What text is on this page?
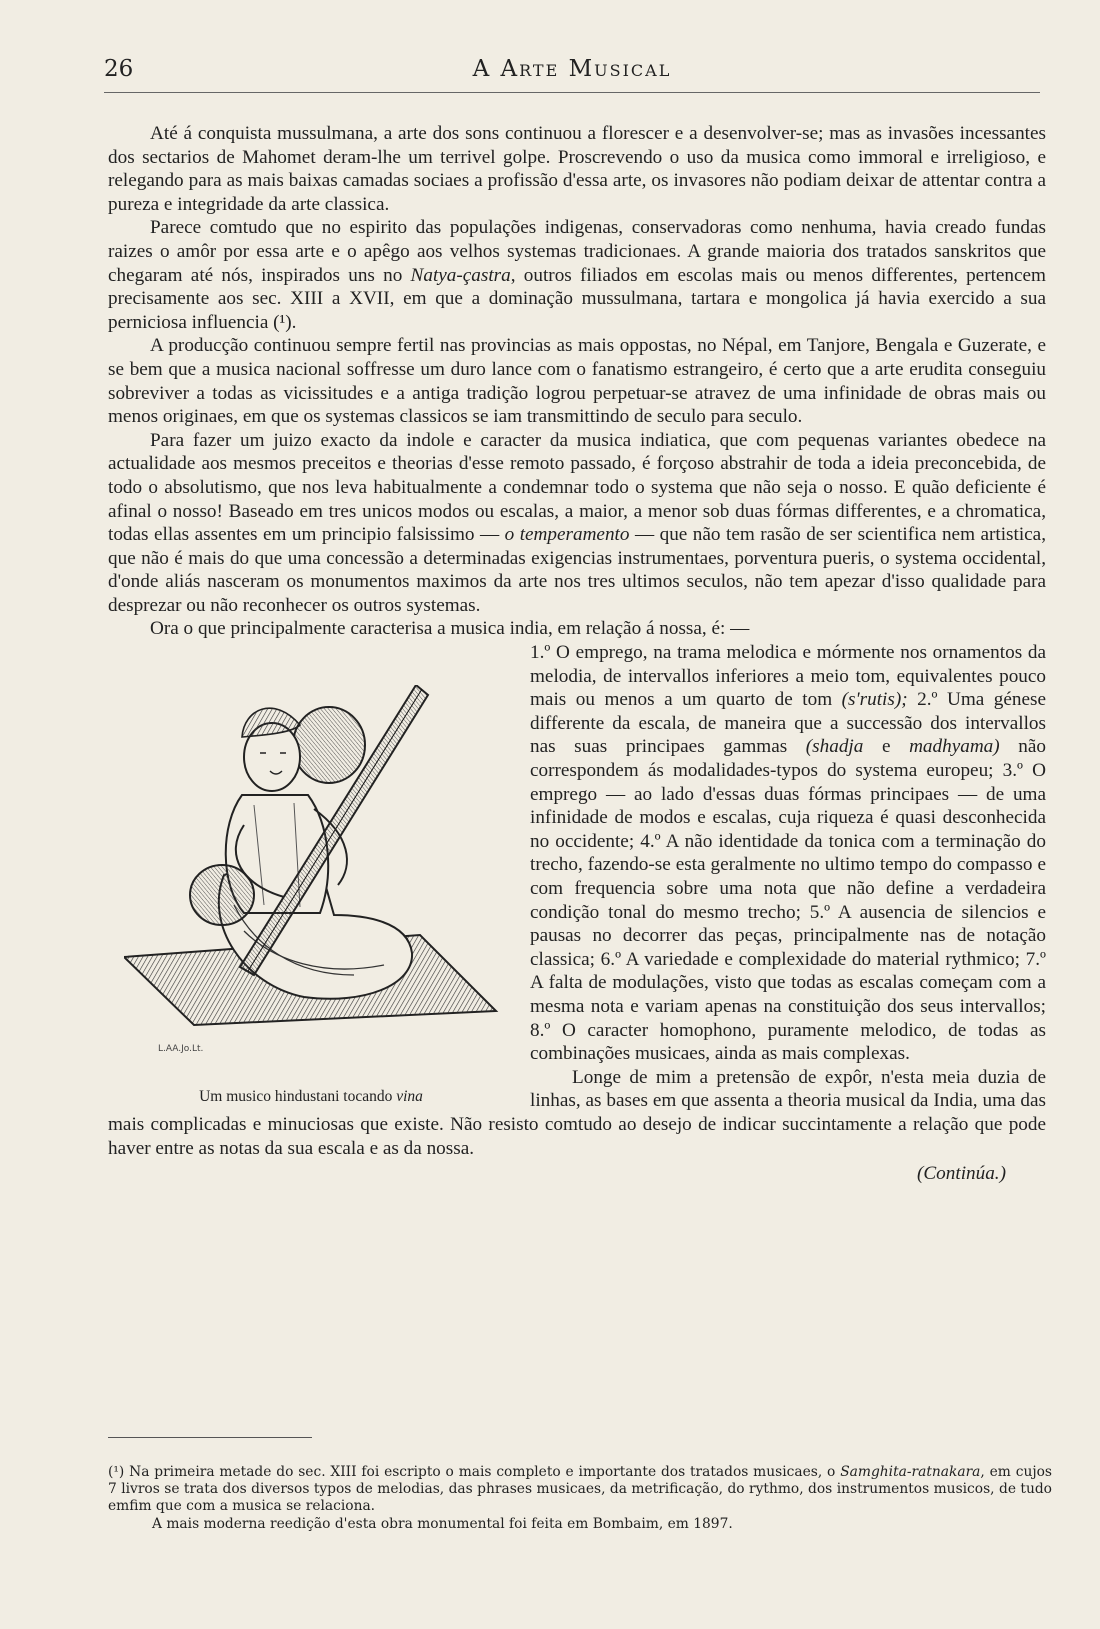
26	A Arte Musical

Até á conquista mussulmana, a arte dos sons continuou a florescer e a desenvolver-se; mas as invasões incessantes dos sectarios de Mahomet deram-lhe um terrivel golpe. Proscrevendo o uso da musica como immoral e irreligioso, e relegando para as mais baixas camadas sociaes a profissão d'essa arte, os invasores não podiam deixar de attentar contra a pureza e integridade da arte classica.

Parece comtudo que no espirito das populações indigenas, conservadoras como nenhuma, havia creado fundas raizes o amôr por essa arte e o apêgo aos velhos systemas tradicionaes. A grande maioria dos tratados sanskritos que chegaram até nós, inspirados uns no Natya-çastra, outros filiados em escolas mais ou menos differentes, pertencem precisamente aos sec. XIII a XVII, em que a dominação mussulmana, tartara e mongolica já havia exercido a sua perniciosa influencia (¹).

A producção continuou sempre fertil nas provincias as mais oppostas, no Népal, em Tanjore, Bengala e Guzerate, e se bem que a musica nacional soffresse um duro lance com o fanatismo estrangeiro, é certo que a arte erudita conseguiu sobreviver a todas as vicissitudes e a antiga tradição logrou perpetuar-se atravez de uma infinidade de obras mais ou menos originaes, em que os systemas classicos se iam transmittindo de seculo para seculo.

Para fazer um juizo exacto da indole e caracter da musica indiatica, que com pequenas variantes obedece na actualidade aos mesmos preceitos e theorias d'esse remoto passado, é forçoso abstrahir de toda a ideia preconcebida, de todo o absolutismo, que nos leva habitualmente a condemnar todo o systema que não seja o nosso. E quão deficiente é afinal o nosso! Baseado em tres unicos modos ou escalas, a maior, a menor sob duas fórmas differentes, e a chromatica, todas ellas assentes em um principio falsissimo — o temperamento — que não tem rasão de ser scientifica nem artistica, que não é mais do que uma concessão a determinadas exigencias instrumentaes, porventura pueris, o systema occidental, d'onde aliás nasceram os monumentos maximos da arte nos tres ultimos seculos, não tem apezar d'isso qualidade para desprezar ou não reconhecer os outros systemas.

Ora o que principalmente caracterisa a musica india, em relação á nossa, é: —

L.AA.Jo.Lt.
Um musico hindustani tocando vina
1.º O emprego, na trama melodica e mórmente nos ornamentos da melodia, de intervallos inferiores a meio tom, equivalentes pouco mais ou menos a um quarto de tom (s'rutis); 2.º Uma génese differente da escala, de maneira que a successão dos intervallos nas suas principaes gammas (shadja e madhyama) não correspondem ás modalidades-typos do systema europeu; 3.º O emprego — ao lado d'essas duas fórmas principaes — de uma infinidade de modos e escalas, cuja riqueza é quasi desconhecida no occidente; 4.º A não identidade da tonica com a terminação do trecho, fazendo-se esta geralmente no ultimo tempo do compasso e com frequencia sobre uma nota que não define a verdadeira condição tonal do mesmo trecho; 5.º A ausencia de silencios e pausas no decorrer das peças, principalmente nas de notação classica; 6.º A variedade e complexidade do material rythmico; 7.º A falta de modulações, visto que todas as escalas começam com a mesma nota e variam apenas na constituição dos seus intervallos; 8.º O caracter homophono, puramente melodico, de todas as combinações musicaes, ainda as mais complexas.

Longe de mim a pretensão de expôr, n'esta meia duzia de linhas, as bases em que assenta a theoria musical da India, uma das mais complicadas e minuciosas que existe. Não resisto comtudo ao desejo de indicar succintamente a relação que pode haver entre as notas da sua escala e as da nossa.

(Continúa.)

(¹) Na primeira metade do sec. XIII foi escripto o mais completo e importante dos tratados musicaes, o Samghita-ratnakara, em cujos 7 livros se trata dos diversos typos de melodias, das phrases musicaes, da metrificação, do rythmo, dos instrumentos musicos, de tudo emfim que com a musica se relaciona.

A mais moderna reedição d'esta obra monumental foi feita em Bombaim, em 1897.
